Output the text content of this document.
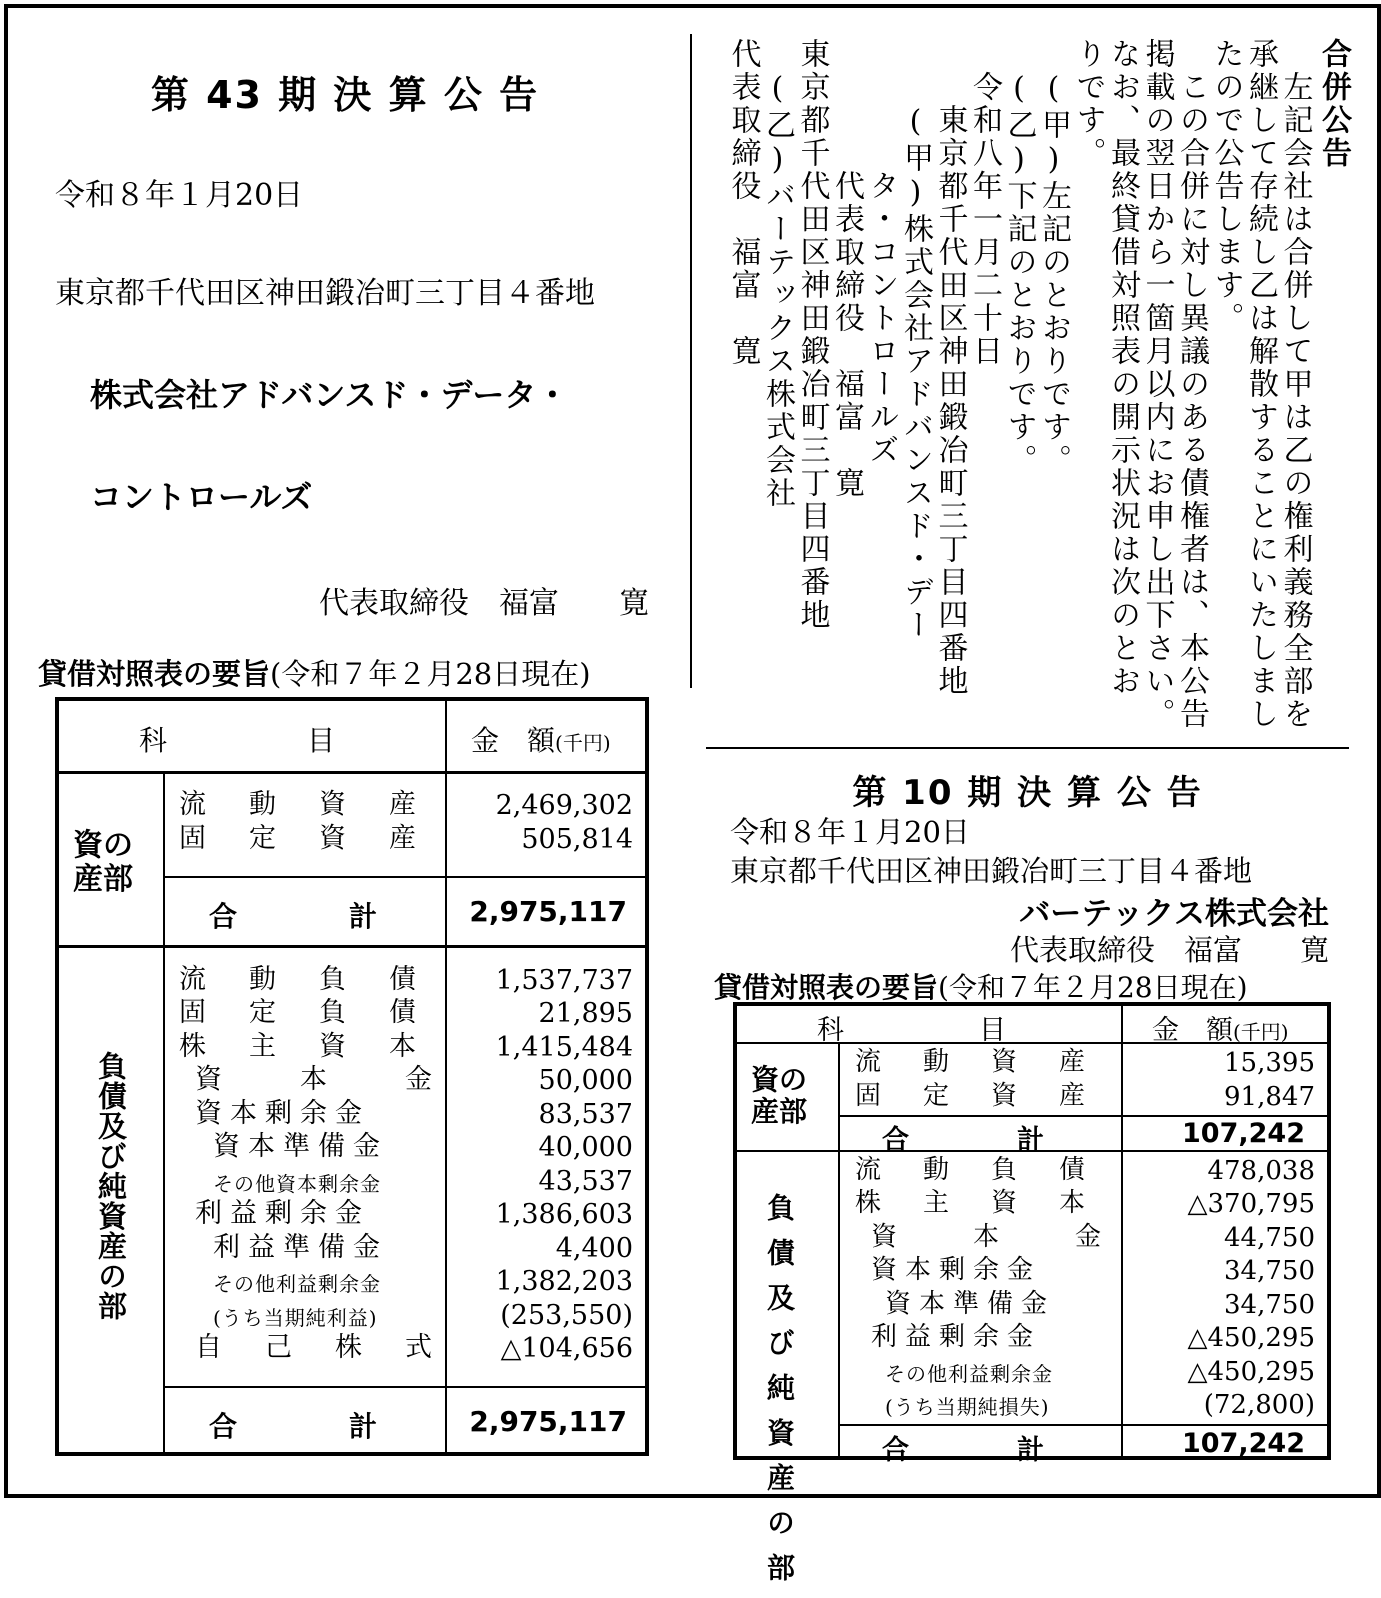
第 43 期 決 算 公 告
令和８年１月20日
東京都千代田区神田鍛冶町三丁目４番地
株式会社アドバンスド・データ・
コントロールズ
代表取締役　福富　　寛
貸借対照表の要旨(令和７年２月28日現在)
科　　　　　目	金　額(千円)
資の産部
流　動　資　産	2,469,302
固　定　資　産	505,814
合　　　　計	2,975,117
負債及び純資産の部
流　動　負　債	1,537,737
固　定　負　債	21,895
株　主　資　本	1,415,484
資　　本　　金	50,000
資本剰余金	83,537
資本準備金	40,000
その他資本剰余金	43,537
利益剰余金	1,386,603
利益準備金	4,400
その他利益剰余金	1,382,203
(うち当期純利益)	(253,550)
自　己　株　式 △104,656
合　　　　計	2,975,117
合併公告
左記会社は合併して甲は乙の権利義務全部を
承継して存続し乙は解散することにいたしまし
たので公告します。
この合併に対し異議のある債権者は、本公告
掲載の翌日から一箇月以内にお申し出下さい。
なお、最終貸借対照表の開示状況は次のとお
りです。
(甲)左記のとおりです。
(乙)下記のとおりです。
令和八年一月二十日
東京都千代田区神田鍛冶町三丁目四番地
(甲)株式会社アドバンスド・デー
タ・コントロールズ
代表取締役　福富　寛
東京都千代田区神田鍛冶町三丁目四番地
(乙)バーテックス株式会社
代表取締役　福富　寛
第 10 期 決 算 公 告
令和８年１月20日
東京都千代田区神田鍛冶町三丁目４番地
バーテックス株式会社
代表取締役　福富　　寛
貸借対照表の要旨(令和７年２月28日現在)
科　　　　　目	金　額(千円)
資の産部
流　動　資　産	15,395
固　定　資　産	91,847
合　　　　計	107,242
負債及び純資産の部
流　動　負　債	478,038
株　主　資　本	△370,795
資　　本　　金	44,750
資本剰余金	34,750
資本準備金	34,750
利益剰余金	△450,295
その他利益剰余金	△450,295
(うち当期純損失)	(72,800)
合　　　　計	107,242
